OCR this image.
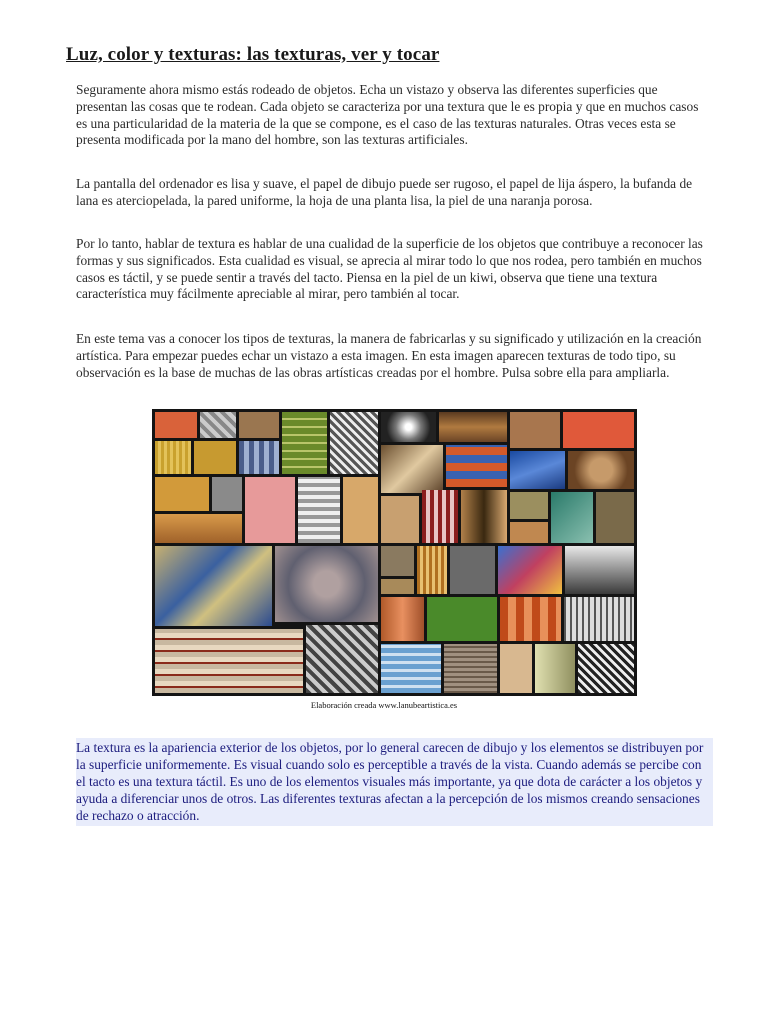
Luz, color y texturas: las texturas, ver y tocar

Seguramente ahora mismo estás rodeado de objetos. Echa un vistazo y observa las diferentes superficies que presentan las cosas que te rodean. Cada objeto se caracteriza por una textura que le es propia y que en muchos casos es una particularidad de la materia de la que se compone, es el caso de las texturas naturales. Otras veces esta se presenta modificada por la mano del hombre, son las texturas artificiales.

La pantalla del ordenador es lisa y suave, el papel de dibujo puede ser rugoso, el papel de lija áspero, la bufanda de lana es aterciopelada, la pared uniforme, la hoja de una planta lisa, la piel de una naranja porosa.

Por lo tanto, hablar de textura es hablar de una cualidad de la superficie de los objetos que contribuye a reconocer las formas y sus significados. Esta cualidad es visual, se aprecia al mirar todo lo que nos rodea, pero también en muchos casos es táctil, y se puede sentir a través del tacto. Piensa en la piel de un kiwi, observa que tiene una textura característica muy fácilmente apreciable al mirar, pero también al tocar.

En este tema vas a conocer los tipos de texturas, la manera de fabricarlas y su significado y utilización en la creación artística. Para empezar puedes echar un vistazo a esta imagen. En esta imagen aparecen texturas de todo tipo, su observación es la base de muchas de las obras artísticas creadas por el hombre. Pulsa sobre ella para ampliarla.

Elaboración creada www.lanubeartistica.es

La textura es la apariencia exterior de los objetos, por lo general carecen de dibujo y los elementos se distribuyen por la superficie uniformemente. Es visual cuando solo es perceptible a través de la vista. Cuando además se percibe con el tacto es una textura táctil. Es uno de los elementos visuales más importante, ya que dota de carácter a los objetos y ayuda a diferenciar unos de otros. Las diferentes texturas afectan a la percepción de los mismos creando sensaciones de rechazo o atracción.
